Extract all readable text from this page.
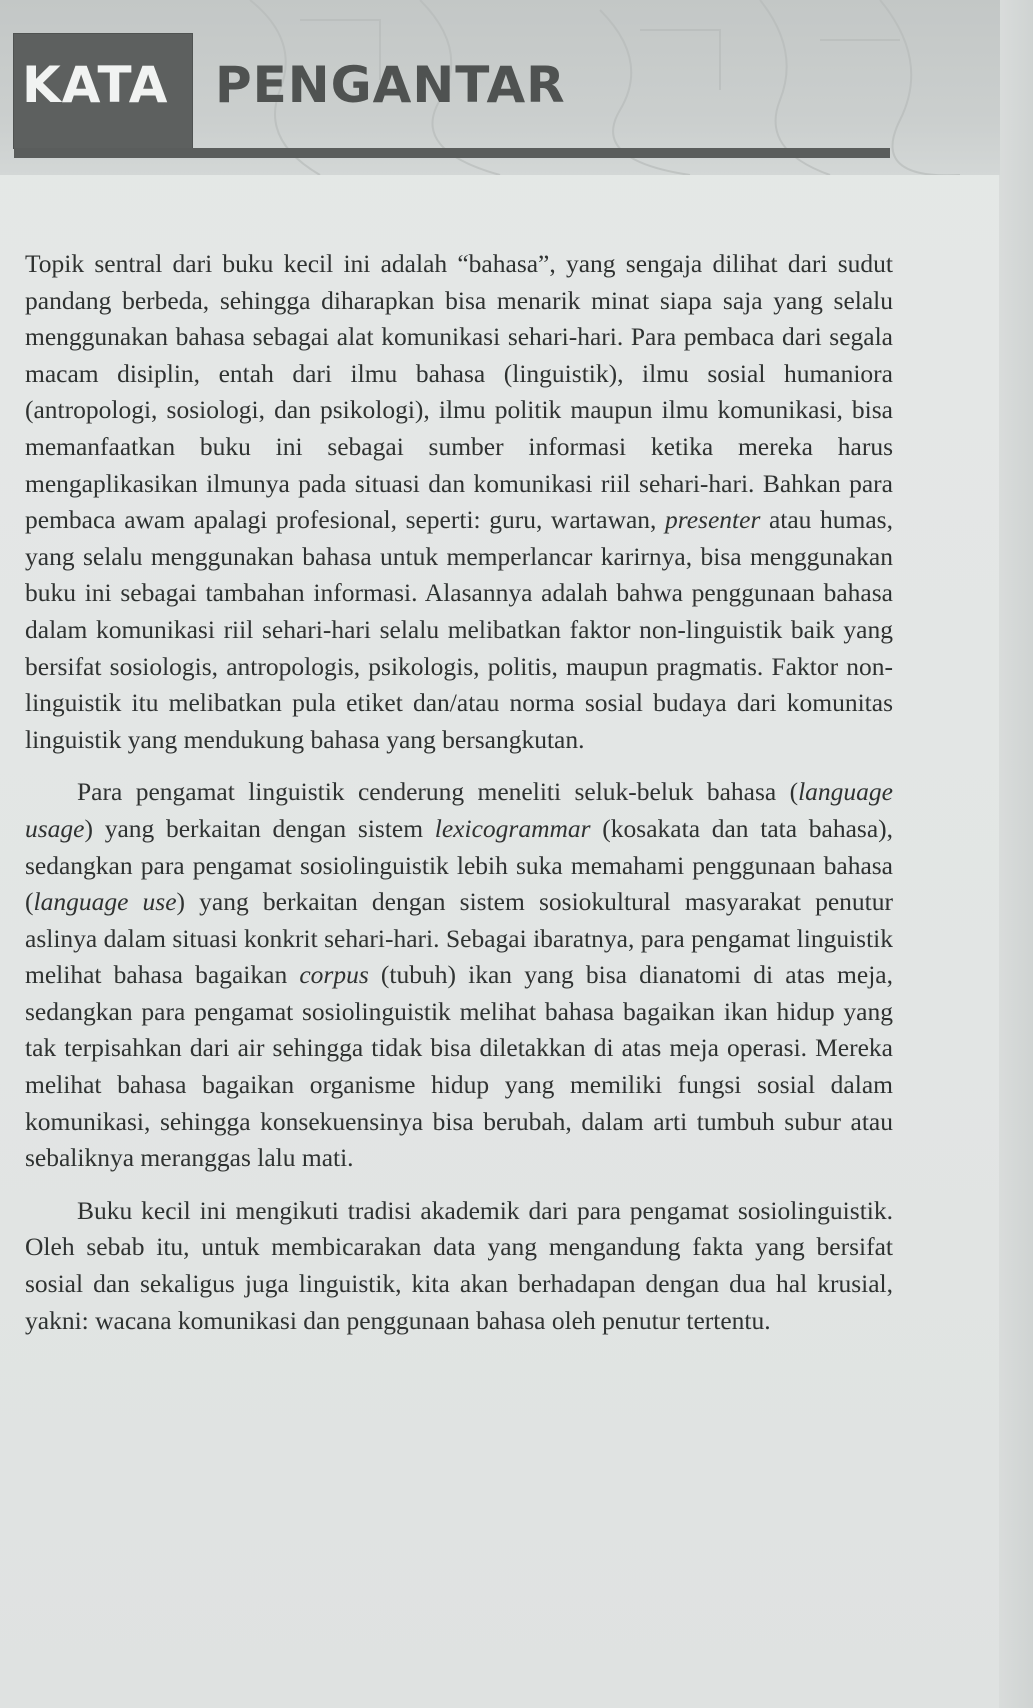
KATA PENGANTAR

Topik sentral dari buku kecil ini adalah “bahasa”, yang sengaja dilihat dari sudut pandang berbeda, sehingga diharapkan bisa menarik minat siapa saja yang selalu menggunakan bahasa sebagai alat komunikasi sehari-hari. Para pembaca dari segala macam disiplin, entah dari ilmu bahasa (linguistik), ilmu sosial humaniora (antropologi, sosiologi, dan psikologi), ilmu politik maupun ilmu komunikasi, bisa memanfaatkan buku ini sebagai sumber informasi ketika mereka harus mengaplikasikan ilmunya pada situasi dan komunikasi riil sehari-hari. Bahkan para pembaca awam apalagi profesional, seperti: guru, wartawan, presenter atau humas, yang selalu menggunakan bahasa untuk memperlancar karirnya, bisa menggunakan buku ini sebagai tambahan informasi. Alasannya adalah bahwa penggunaan bahasa dalam komunikasi riil sehari-hari selalu melibatkan faktor non-linguistik baik yang bersifat sosiologis, antropologis, psikologis, politis, maupun pragmatis. Faktor non-linguistik itu melibatkan pula etiket dan/atau norma sosial budaya dari komunitas linguistik yang mendukung bahasa yang bersangkutan.

Para pengamat linguistik cenderung meneliti seluk-beluk bahasa (language usage) yang berkaitan dengan sistem lexicogrammar (kosakata dan tata bahasa), sedangkan para pengamat sosiolinguistik lebih suka memahami penggunaan bahasa (language use) yang berkaitan dengan sistem sosiokultural masyarakat penutur aslinya dalam situasi konkrit sehari-hari. Sebagai ibaratnya, para pengamat linguistik melihat bahasa bagaikan corpus (tubuh) ikan yang bisa dianatomi di atas meja, sedangkan para pengamat sosiolinguistik melihat bahasa bagaikan ikan hidup yang tak terpisahkan dari air sehingga tidak bisa diletakkan di atas meja operasi. Mereka melihat bahasa bagaikan organisme hidup yang memiliki fungsi sosial dalam komunikasi, sehingga konsekuensinya bisa berubah, dalam arti tumbuh subur atau sebaliknya meranggas lalu mati.

Buku kecil ini mengikuti tradisi akademik dari para pengamat sosiolinguistik. Oleh sebab itu, untuk membicarakan data yang mengandung fakta yang bersifat sosial dan sekaligus juga linguistik, kita akan berhadapan dengan dua hal krusial, yakni: wacana komunikasi dan penggunaan bahasa oleh penutur tertentu.
